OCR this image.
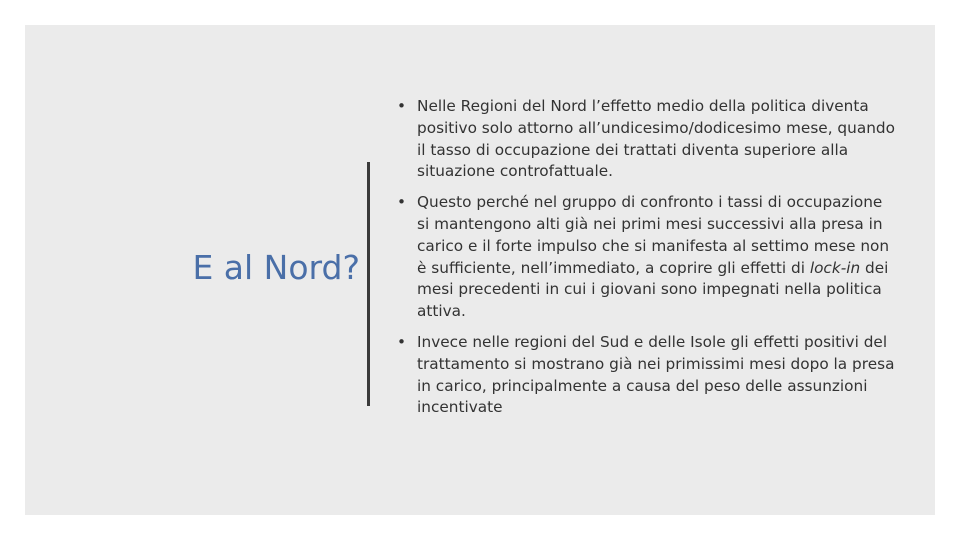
E al Nord?
• Nelle Regioni del Nord l’effetto medio della politica diventa positivo solo attorno all’undicesimo/dodicesimo mese, quando il tasso di occupazione dei trattati diventa superiore alla situazione controfattuale.
• Questo perché nel gruppo di confronto i tassi di occupazione si mantengono alti già nei primi mesi successivi alla presa in carico e il forte impulso che si manifesta al settimo mese non è sufficiente, nell’immediato, a coprire gli effetti di lock-in dei mesi precedenti in cui i giovani sono impegnati nella politica attiva.
• Invece nelle regioni del Sud e delle Isole gli effetti positivi del trattamento si mostrano già nei primissimi mesi dopo la presa in carico, principalmente a causa del peso delle assunzioni incentivate
